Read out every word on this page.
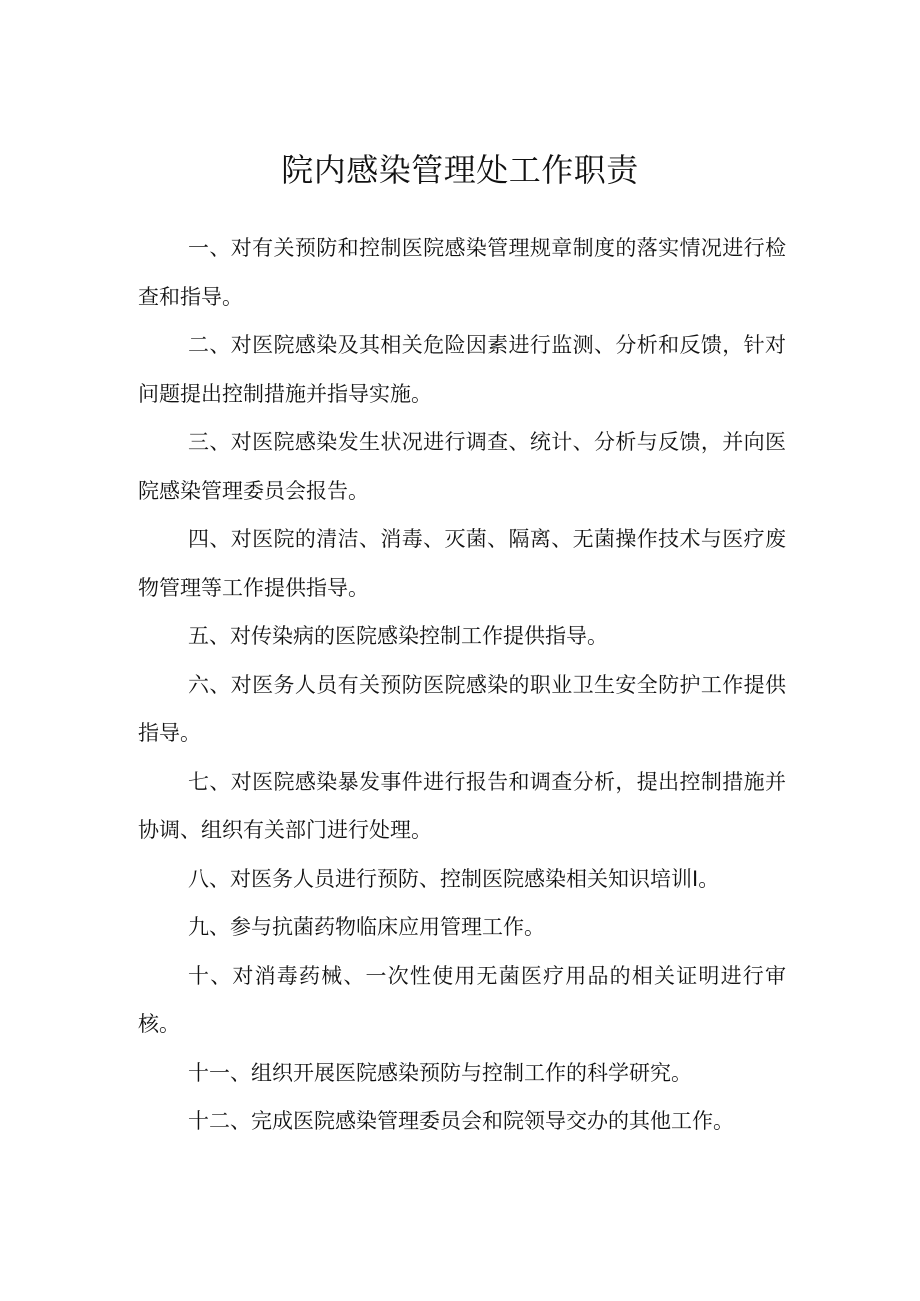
院内感染管理处工作职责
一、对有关预防和控制医院感染管理规章制度的落实情况进行检查和指导。
二、对医院感染及其相关危险因素进行监测、分析和反馈，针对问题提出控制措施并指导实施。
三、对医院感染发生状况进行调查、统计、分析与反馈，并向医院感染管理委员会报告。
四、对医院的清洁、消毒、灭菌、隔离、无菌操作技术与医疗废物管理等工作提供指导。
五、对传染病的医院感染控制工作提供指导。
六、对医务人员有关预防医院感染的职业卫生安全防护工作提供指导。
七、对医院感染暴发事件进行报告和调查分析，提出控制措施并协调、组织有关部门进行处理。
八、对医务人员进行预防、控制医院感染相关知识培训I。
九、参与抗菌药物临床应用管理工作。
十、对消毒药械、一次性使用无菌医疗用品的相关证明进行审核。
十一、组织开展医院感染预防与控制工作的科学研究。
十二、完成医院感染管理委员会和院领导交办的其他工作。
